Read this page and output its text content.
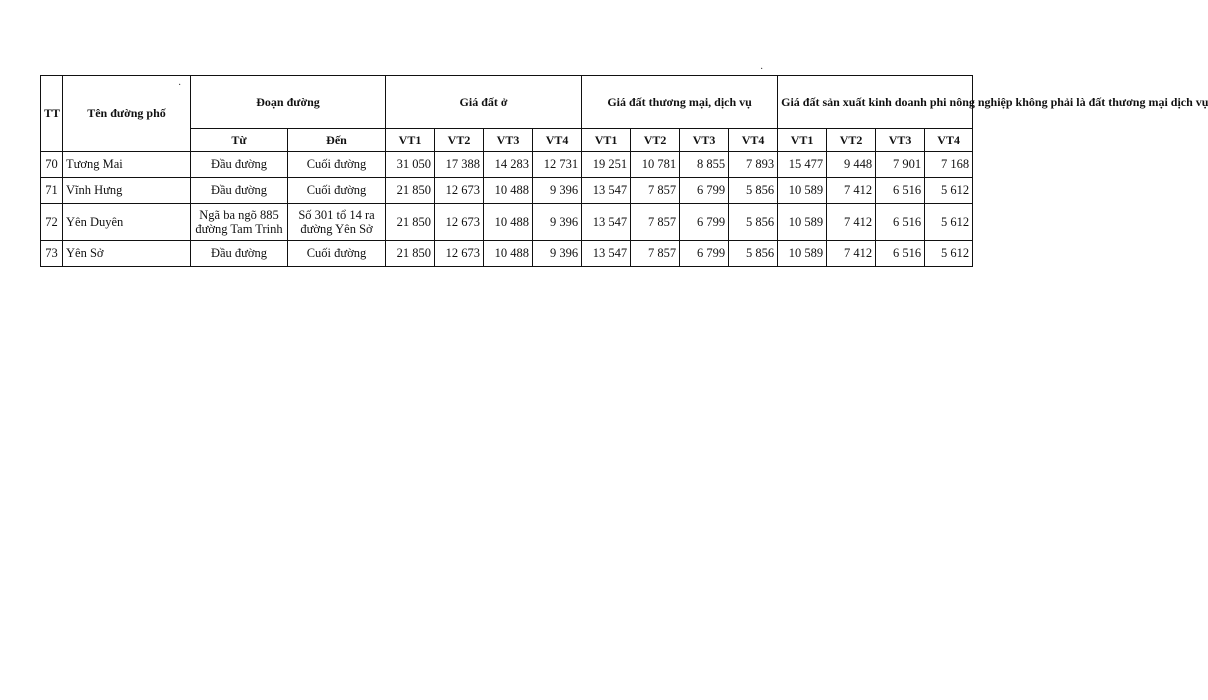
TT	Tên đường phố	Đoạn đường		Giá đất ở				Giá đất thương mại, dịch vụ				Giá đất sản xuất kinh doanh phi nông nghiệp không phải là đất thương mại dịch vụ			
		Từ	Đến	VT1	VT2	VT3	VT4	VT1	VT2	VT3	VT4	VT1	VT2	VT3	VT4
70	Tương Mai	Đầu đường	Cuối đường	31 050	17 388	14 283	12 731	19 251	10 781	8 855	7 893	15 477	9 448	7 901	7 168
71	Vĩnh Hưng	Đầu đường	Cuối đường	21 850	12 673	10 488	9 396	13 547	7 857	6 799	5 856	10 589	7 412	6 516	5 612
72	Yên Duyên	Ngã ba ngõ 885 đường Tam Trinh	Số 301 tổ 14 ra đường Yên Sở	21 850	12 673	10 488	9 396	13 547	7 857	6 799	5 856	10 589	7 412	6 516	5 612
73	Yên Sở	Đầu đường	Cuối đường	21 850	12 673	10 488	9 396	13 547	7 857	6 799	5 856	10 589	7 412	6 516	5 612
·
·
